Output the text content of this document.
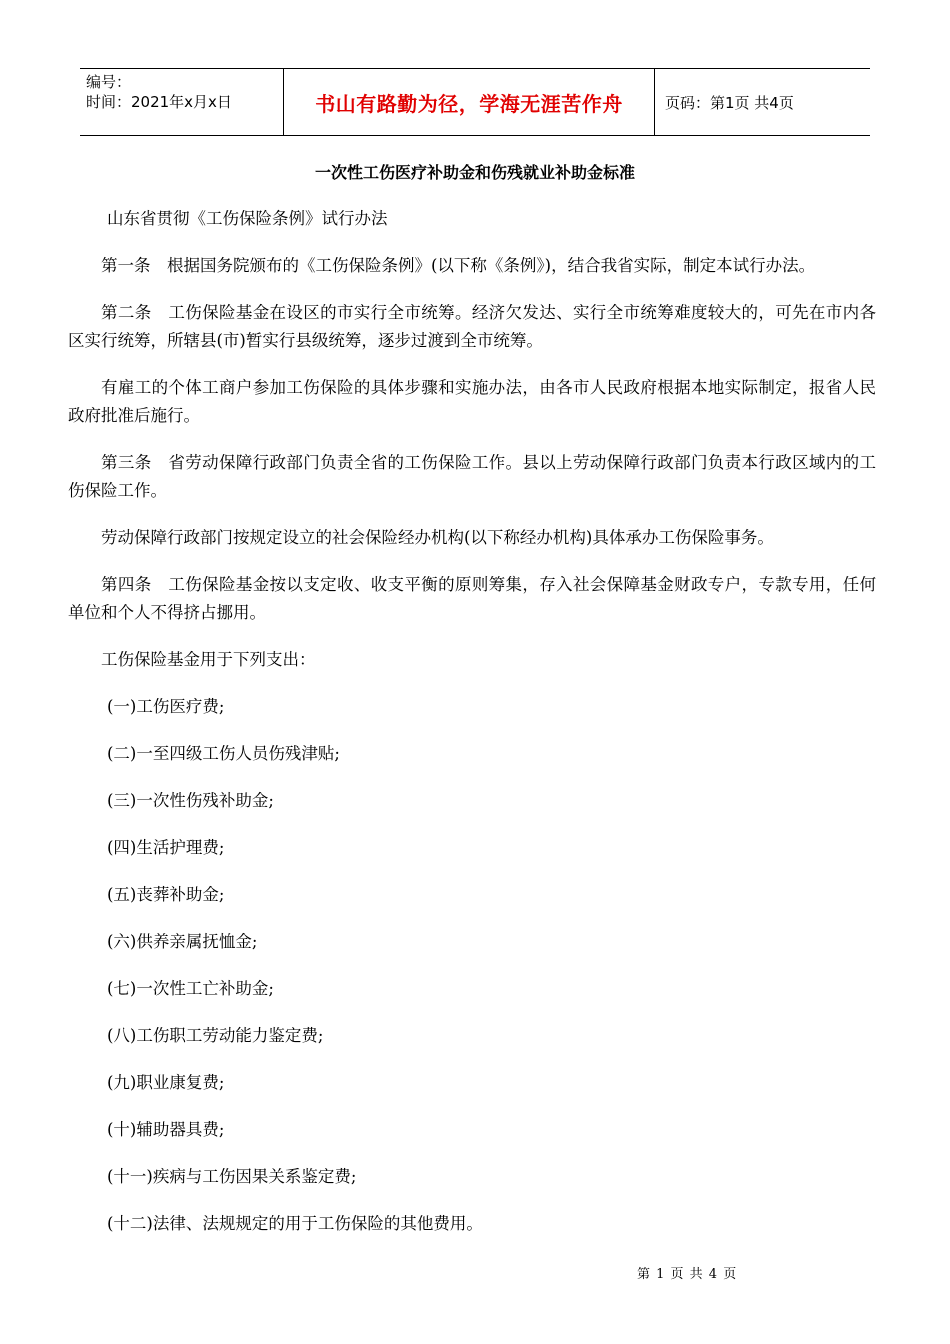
编号：
时间：2021年x月x日	书山有路勤为径，学海无涯苦作舟	页码：第1页 共4页
一次性工伤医疗补助金和伤残就业补助金标准

山东省贯彻《工伤保险条例》试行办法

第一条　根据国务院颁布的《工伤保险条例》(以下称《条例》)，结合我省实际，制定本试行办法。

第二条　工伤保险基金在设区的市实行全市统筹。经济欠发达、实行全市统筹难度较大的，可先在市内各区实行统筹，所辖县(市)暂实行县级统筹，逐步过渡到全市统筹。

有雇工的个体工商户参加工伤保险的具体步骤和实施办法，由各市人民政府根据本地实际制定，报省人民政府批准后施行。

第三条　省劳动保障行政部门负责全省的工伤保险工作。县以上劳动保障行政部门负责本行政区域内的工伤保险工作。

劳动保障行政部门按规定设立的社会保险经办机构(以下称经办机构)具体承办工伤保险事务。

第四条　工伤保险基金按以支定收、收支平衡的原则筹集，存入社会保障基金财政专户，专款专用，任何单位和个人不得挤占挪用。

工伤保险基金用于下列支出：

(一)工伤医疗费;
(二)一至四级工伤人员伤残津贴;
(三)一次性伤残补助金;
(四)生活护理费;
(五)丧葬补助金;
(六)供养亲属抚恤金;
(七)一次性工亡补助金;
(八)工伤职工劳动能力鉴定费;
(九)职业康复费;
(十)辅助器具费;
(十一)疾病与工伤因果关系鉴定费;
(十二)法律、法规规定的用于工伤保险的其他费用。
第 1 页 共 4 页
